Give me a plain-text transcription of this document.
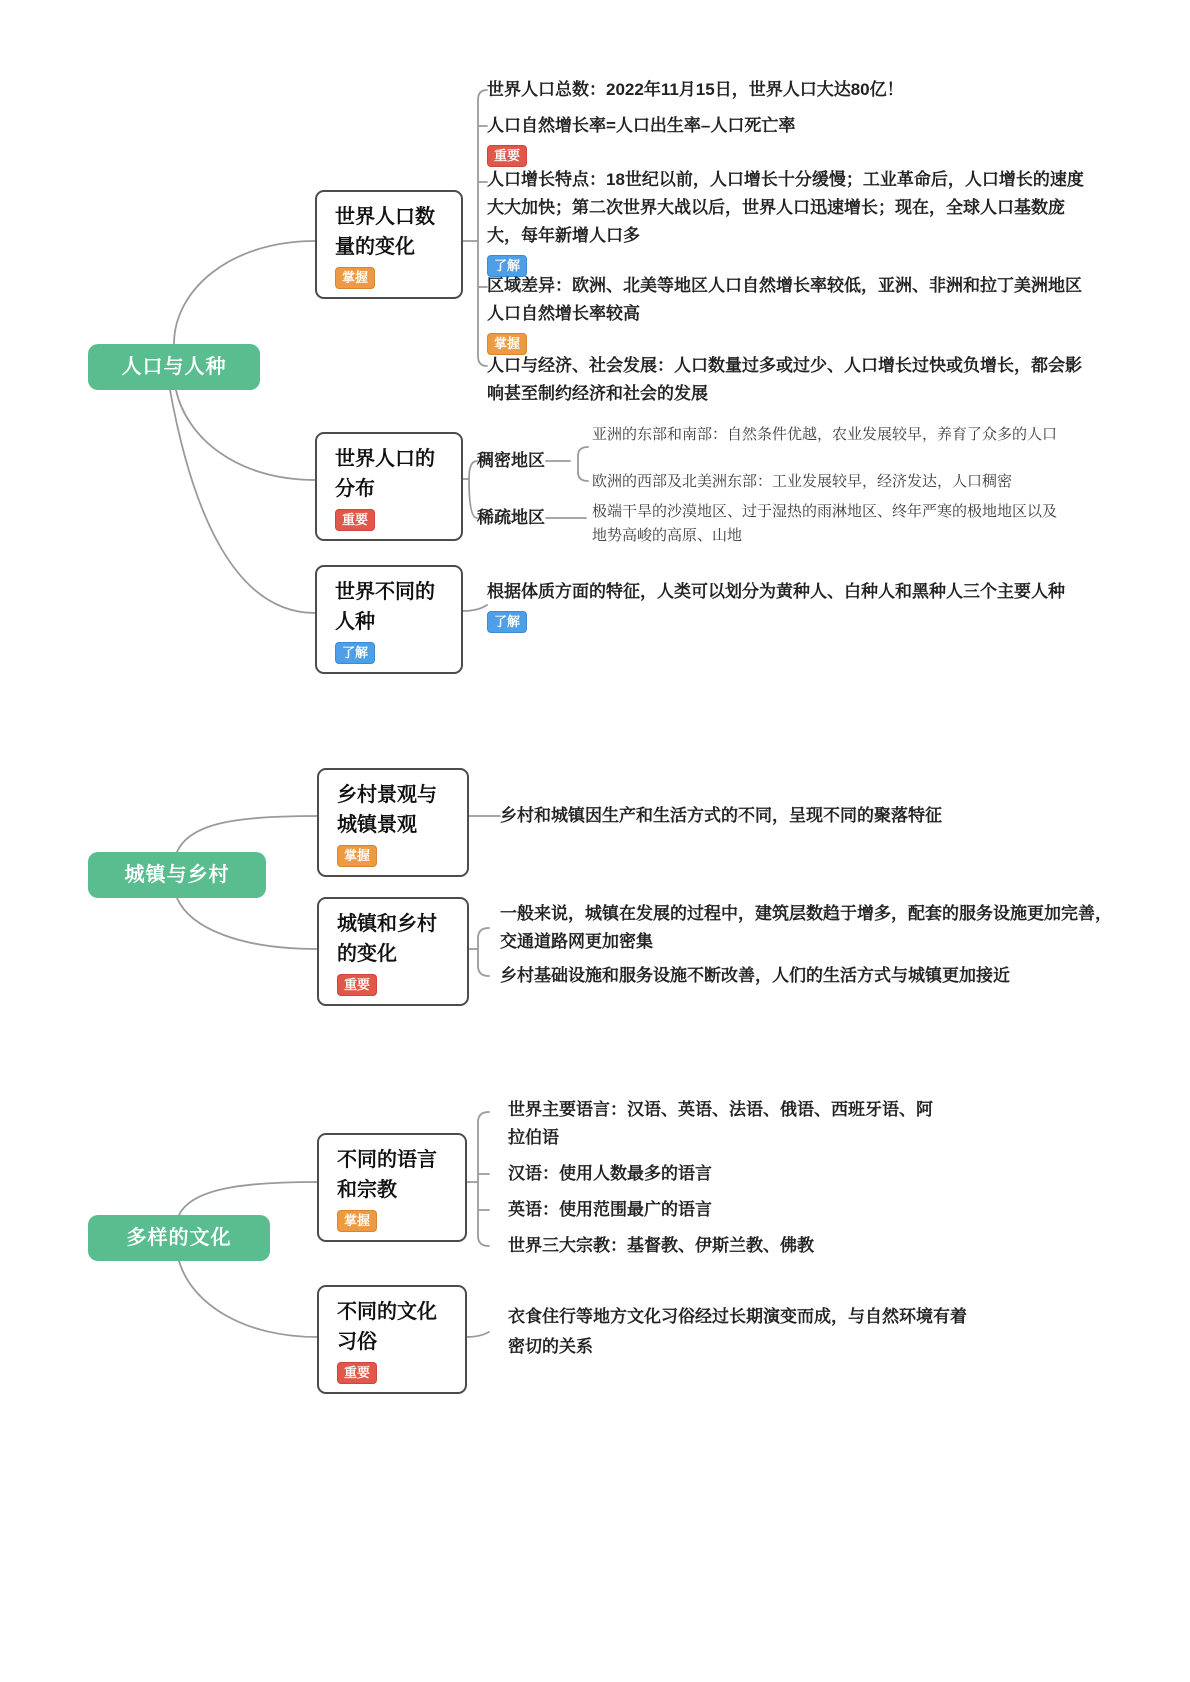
人口与人种
世界人口数量的变化
掌握
世界人口总数：2022年11月15日，世界人口大达80亿！
人口自然增长率=人口出生率–人口死亡率
重要
人口增长特点：18世纪以前，人口增长十分缓慢；工业革命后，人口增长的速度大大加快；第二次世界大战以后，世界人口迅速增长；现在，全球人口基数庞大，每年新增人口多
了解
区域差异：欧洲、北美等地区人口自然增长率较低，亚洲、非洲和拉丁美洲地区人口自然增长率较高
掌握
人口与经济、社会发展：人口数量过多或过少、人口增长过快或负增长，都会影响甚至制约经济和社会的发展
世界人口的分布
重要
稠密地区
亚洲的东部和南部：自然条件优越，农业发展较早，养育了众多的人口
欧洲的西部及北美洲东部：工业发展较早，经济发达，人口稠密
稀疏地区	极端干旱的沙漠地区、过于湿热的雨淋地区、终年严寒的极地地区以及地势高峻的高原、山地
世界不同的人种
了解
根据体质方面的特征，人类可以划分为黄种人、白种人和黑种人三个主要人种
了解
城镇与乡村
乡村景观与城镇景观
掌握
乡村和城镇因生产和生活方式的不同，呈现不同的聚落特征
城镇和乡村的变化
重要
一般来说，城镇在发展的过程中，建筑层数趋于增多，配套的服务设施更加完善，交通道路网更加密集
乡村基础设施和服务设施不断改善，人们的生活方式与城镇更加接近
多样的文化
不同的语言和宗教
掌握
世界主要语言：汉语、英语、法语、俄语、西班牙语、阿拉伯语
汉语：使用人数最多的语言
英语：使用范围最广的语言
世界三大宗教：基督教、伊斯兰教、佛教
不同的文化习俗
重要
衣食住行等地方文化习俗经过长期演变而成，与自然环境有着密切的关系
